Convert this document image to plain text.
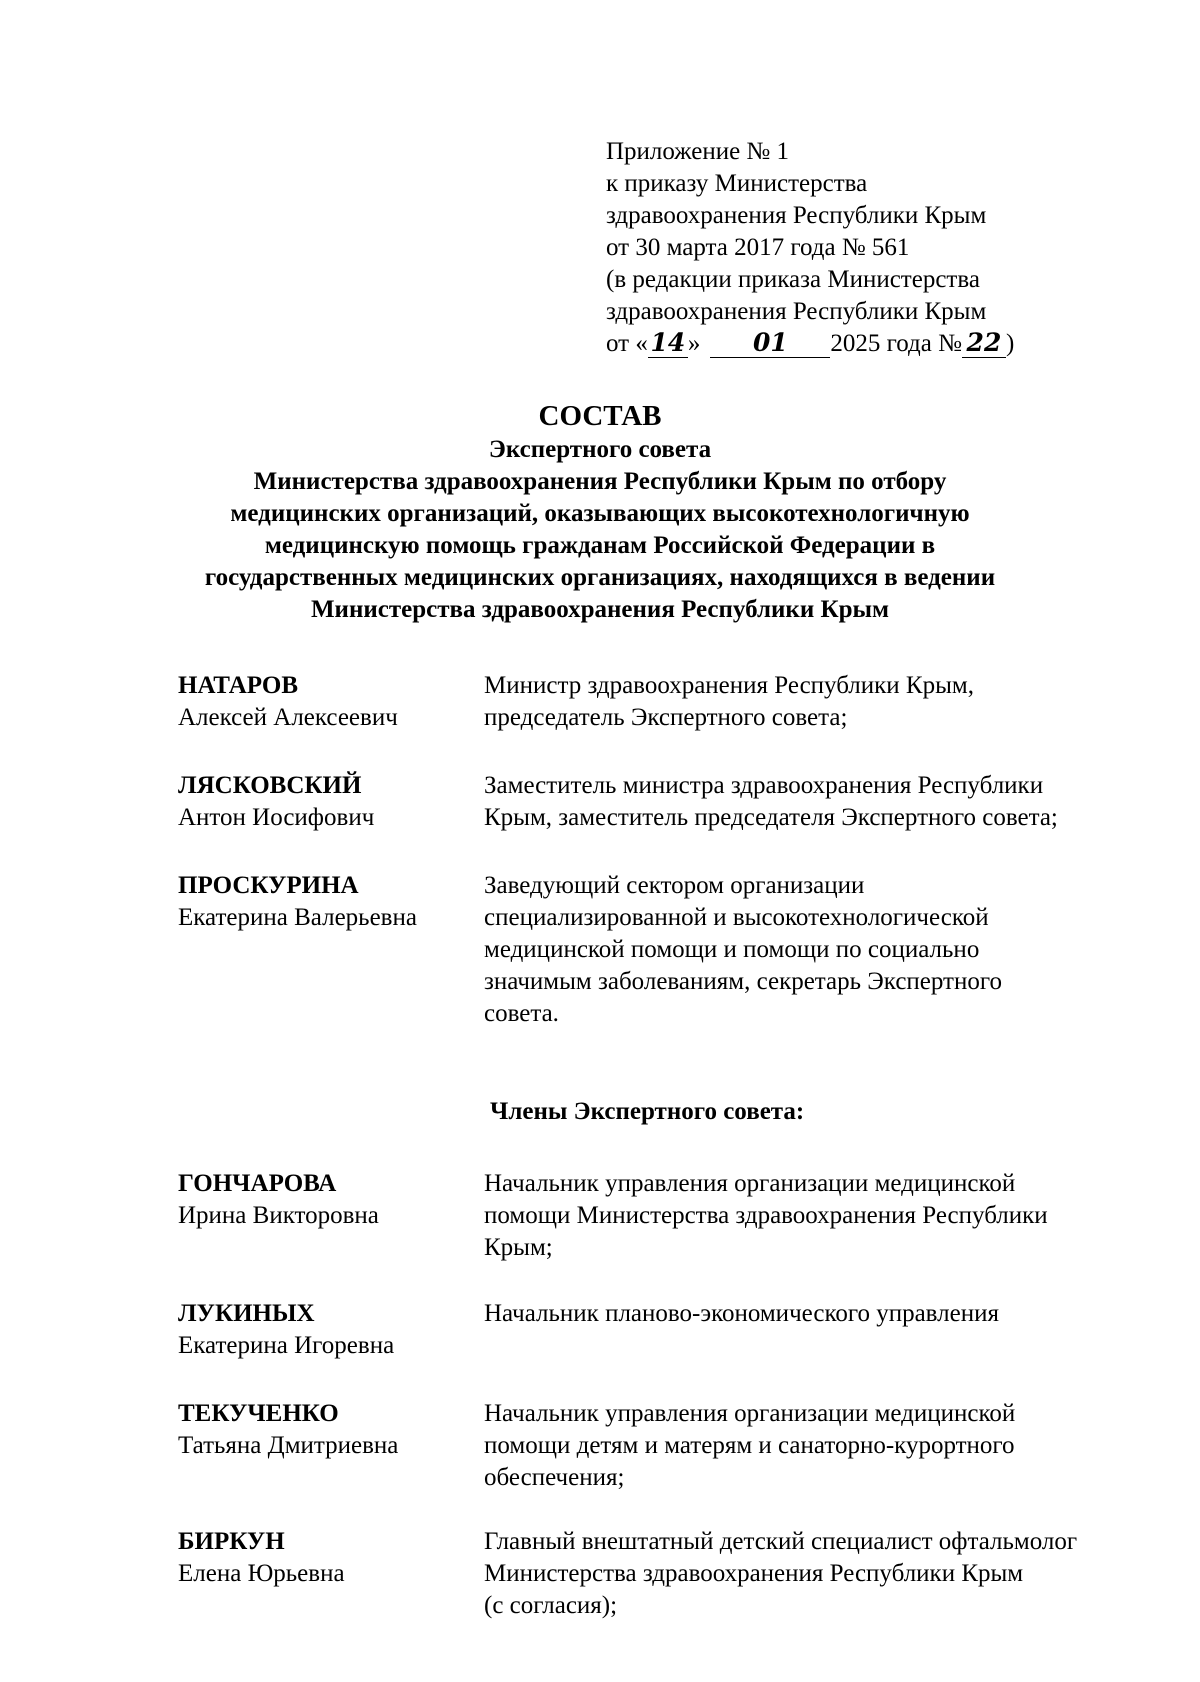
Приложение № 1
к приказу Министерства
здравоохранения Республики Крым
от 30 марта 2017 года № 561
(в редакции приказа Министерства
здравоохранения Республики Крым
от « 14 » 01 2025 года № 22 )
СОСТАВ
Экспертного совета
Министерства здравоохранения Республики Крым по отбору
медицинских организаций, оказывающих высокотехнологичную
медицинскую помощь гражданам Российской Федерации в
государственных медицинских организациях, находящихся в ведении
Министерства здравоохранения Республики Крым
НАТАРОВ
Алексей Алексеевич
Министр здравоохранения Республики Крым,
председатель Экспертного совета;
ЛЯСКОВСКИЙ
Антон Иосифович
Заместитель министра здравоохранения Республики
Крым, заместитель председателя Экспертного совета;
ПРОСКУРИНА
Екатерина Валерьевна
Заведующий сектором организации
специализированной и высокотехнологической
медицинской помощи и помощи по социально
значимым заболеваниям, секретарь Экспертного
совета.
Члены Экспертного совета:
ГОНЧАРОВА
Ирина Викторовна
Начальник управления организации медицинской
помощи Министерства здравоохранения Республики
Крым;
ЛУКИНЫХ
Екатерина Игоревна
Начальник планово-экономического управления
ТЕКУЧЕНКО
Татьяна Дмитриевна
Начальник управления организации медицинской
помощи детям и матерям и санаторно-курортного
обеспечения;
БИРКУН
Елена Юрьевна
Главный внештатный детский специалист офтальмолог
Министерства здравоохранения Республики Крым
(с согласия);
